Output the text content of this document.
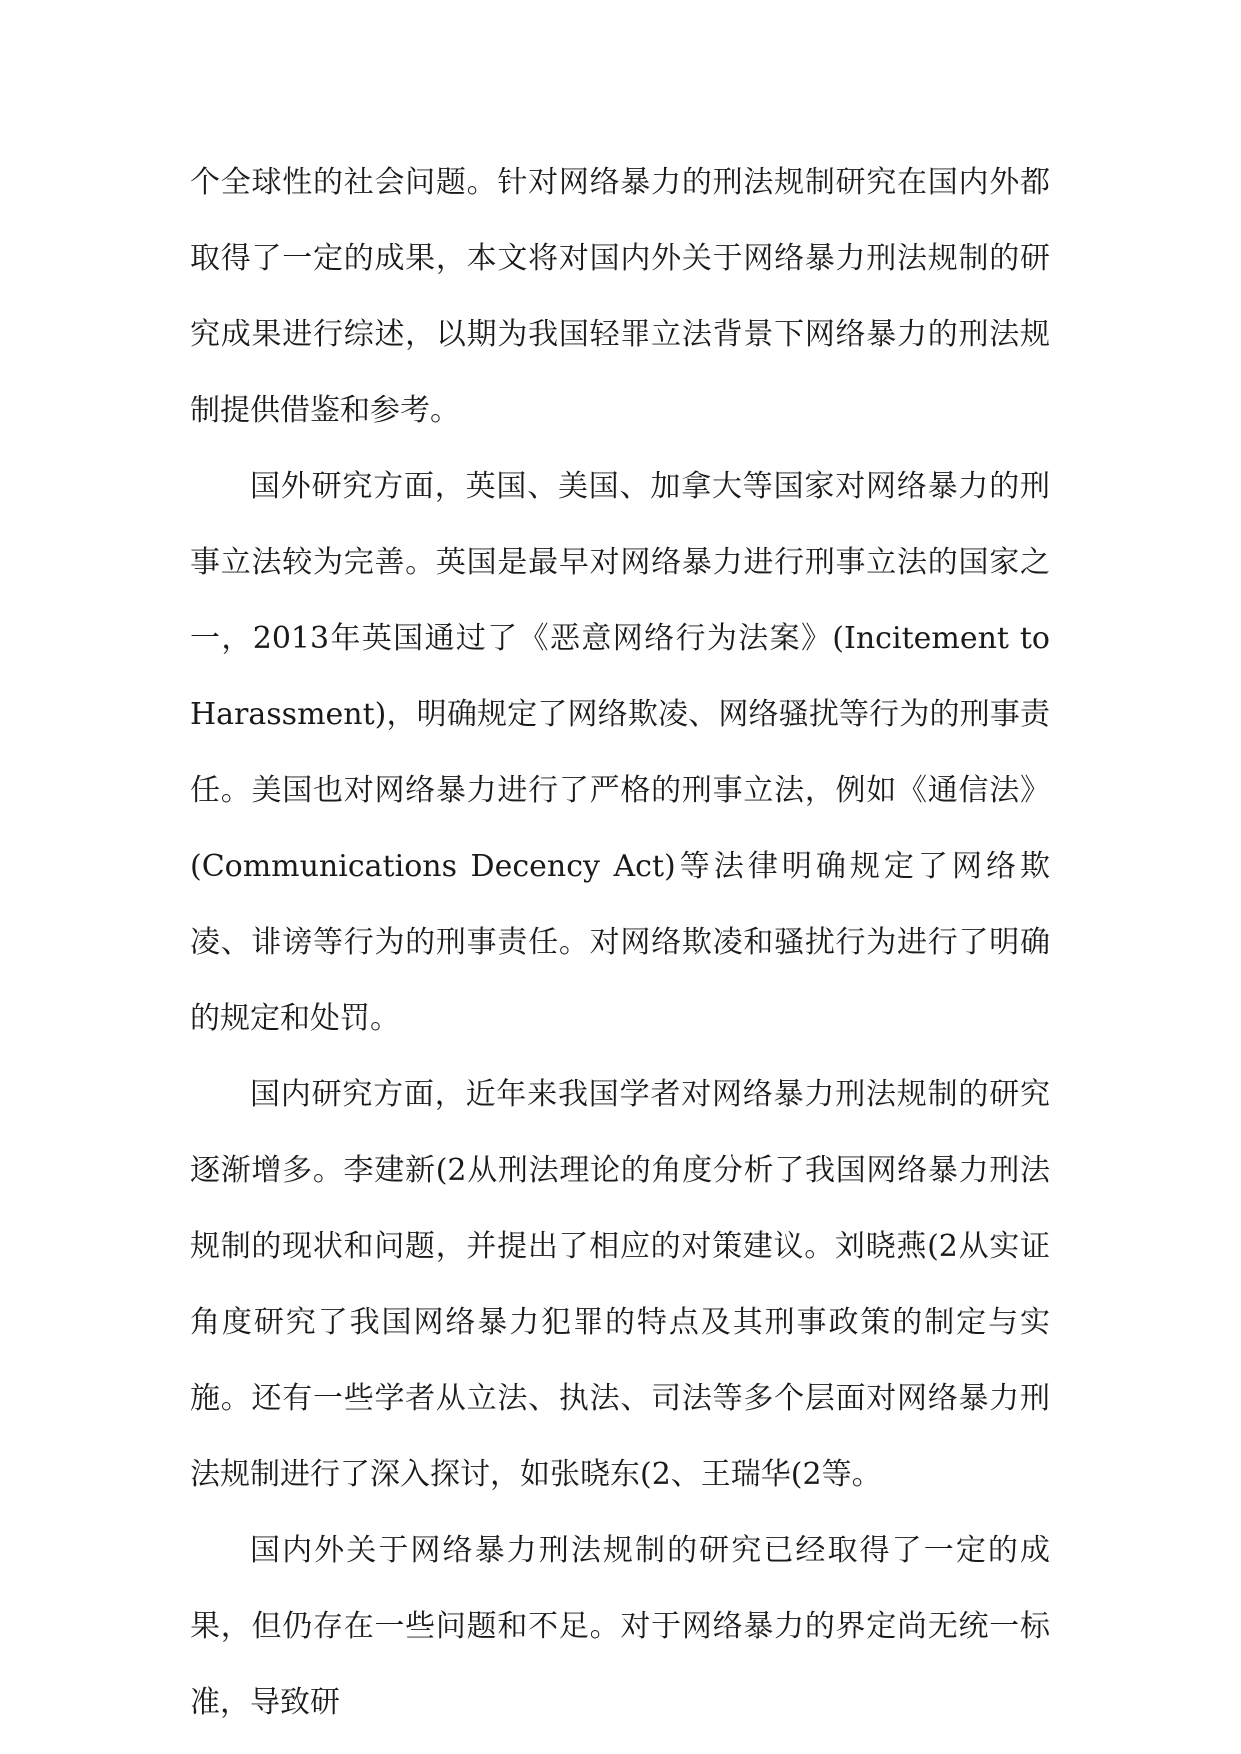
个全球性的社会问题。针对网络暴力的刑法规制研究在国内外都取得了一定的成果，本文将对国内外关于网络暴力刑法规制的研究成果进行综述，以期为我国轻罪立法背景下网络暴力的刑法规制提供借鉴和参考。

国外研究方面，英国、美国、加拿大等国家对网络暴力的刑事立法较为完善。英国是最早对网络暴力进行刑事立法的国家之一，2013年英国通过了《恶意网络行为法案》(Incitement to Harassment)，明确规定了网络欺凌、网络骚扰等行为的刑事责任。美国也对网络暴力进行了严格的刑事立法，例如《通信法》(Communications Decency Act)等法律明确规定了网络欺凌、诽谤等行为的刑事责任。对网络欺凌和骚扰行为进行了明确的规定和处罚。

国内研究方面，近年来我国学者对网络暴力刑法规制的研究逐渐增多。李建新(2从刑法理论的角度分析了我国网络暴力刑法规制的现状和问题，并提出了相应的对策建议。刘晓燕(2从实证角度研究了我国网络暴力犯罪的特点及其刑事政策的制定与实施。还有一些学者从立法、执法、司法等多个层面对网络暴力刑法规制进行了深入探讨，如张晓东(2、王瑞华(2等。

国内外关于网络暴力刑法规制的研究已经取得了一定的成果，但仍存在一些问题和不足。对于网络暴力的界定尚无统一标准，导致研
